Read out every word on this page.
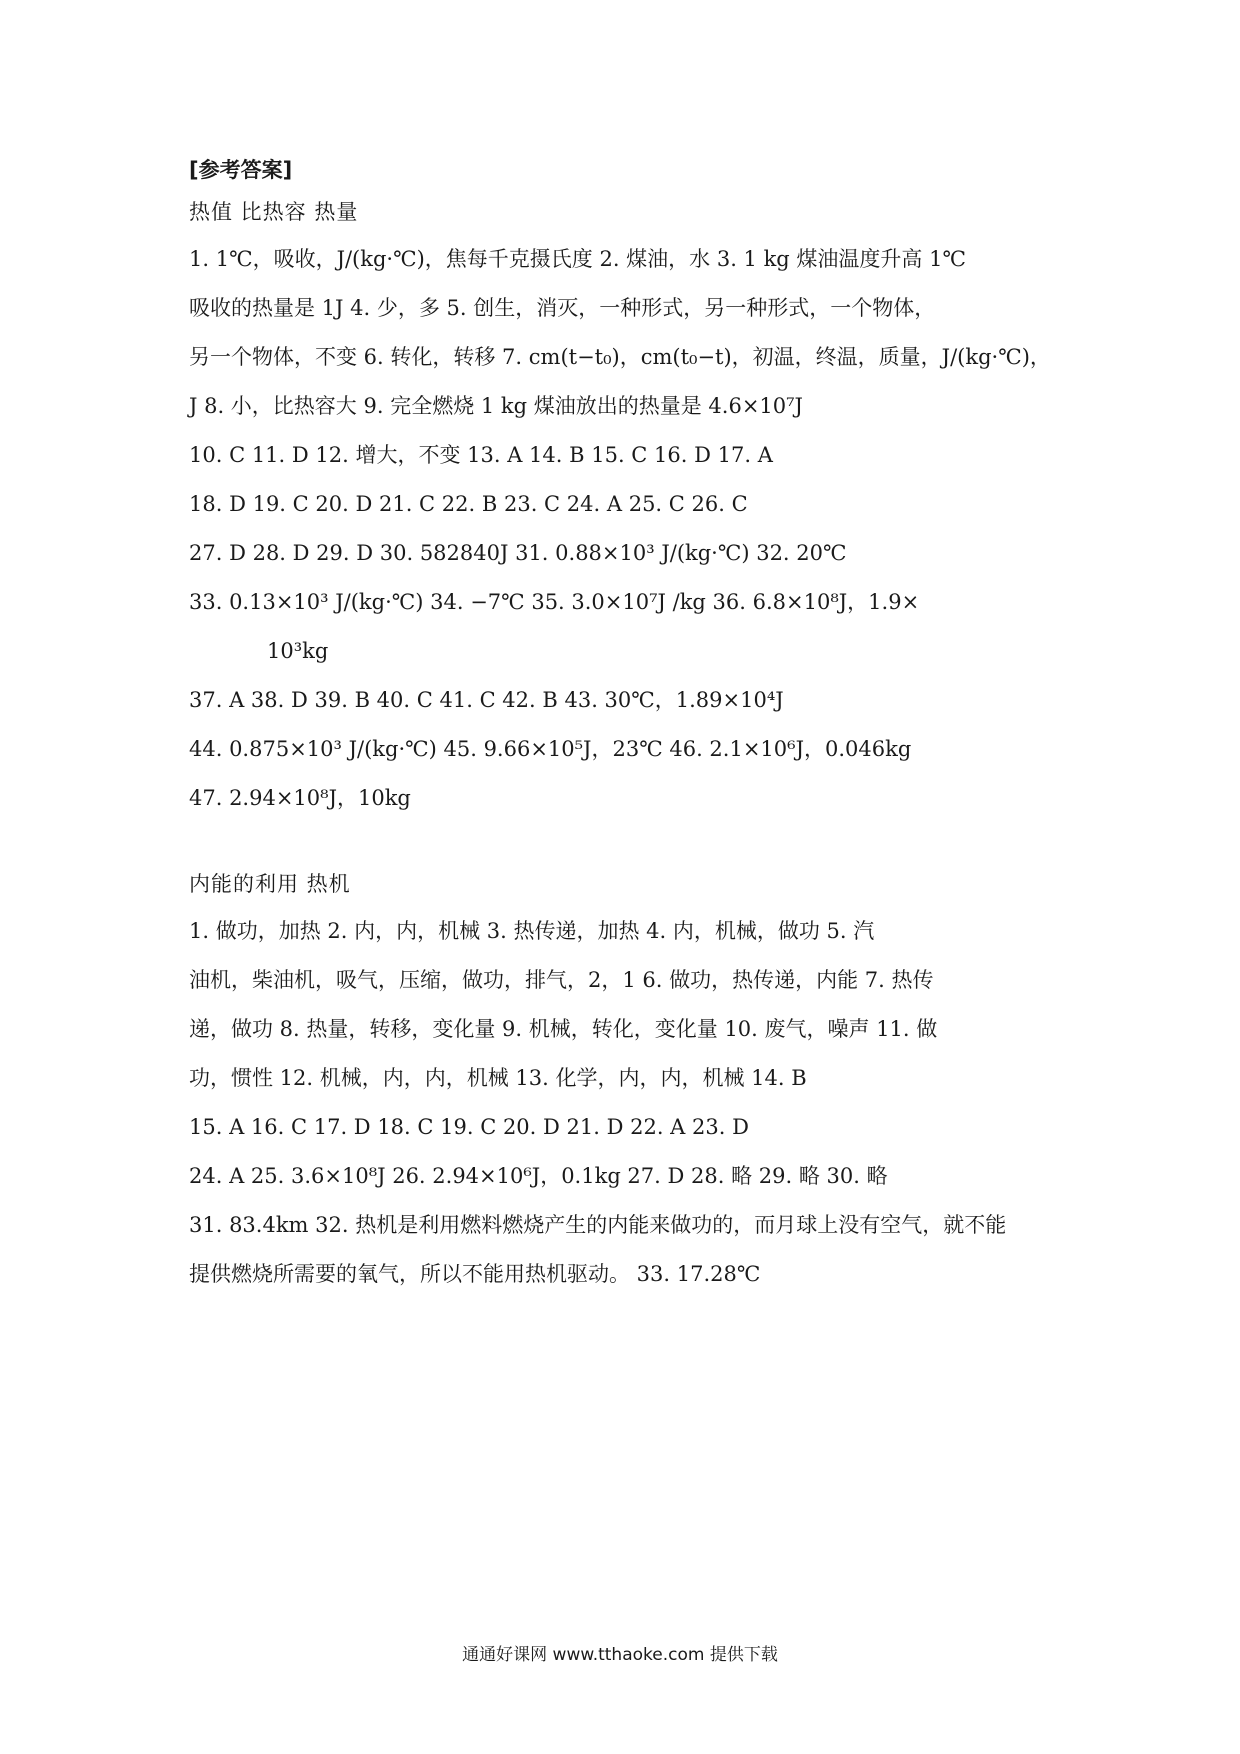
[参考答案]
热值 比热容 热量
1. 1℃，吸收，J/(kg·℃)，焦每千克摄氏度 2. 煤油，水 3. 1 kg 煤油温度升高 1℃
吸收的热量是 1J 4. 少，多 5. 创生，消灭，一种形式，另一种形式，一个物体，
另一个物体，不变 6. 转化，转移 7. cm(t−t₀)，cm(t₀−t)，初温，终温，质量，J/(kg·℃)，
J 8. 小，比热容大 9. 完全燃烧 1 kg 煤油放出的热量是 4.6×10⁷J
10. C 11. D 12. 增大，不变 13. A 14. B 15. C 16. D 17. A
18. D 19. C 20. D 21. C 22. B 23. C 24. A 25. C 26. C
27. D 28. D 29. D 30. 582840J 31. 0.88×10³ J/(kg·℃) 32. 20℃
33. 0.13×10³ J/(kg·℃) 34. −7℃ 35. 3.0×10⁷J /kg 36. 6.8×10⁸J，1.9×
10³kg
37. A 38. D 39. B 40. C 41. C 42. B 43. 30℃，1.89×10⁴J
44. 0.875×10³ J/(kg·℃) 45. 9.66×10⁵J，23℃ 46. 2.1×10⁶J，0.046kg
47. 2.94×10⁸J，10kg
内能的利用 热机
1. 做功，加热 2. 内，内，机械 3. 热传递，加热 4. 内，机械，做功 5. 汽
油机，柴油机，吸气，压缩，做功，排气，2，1 6. 做功，热传递，内能 7. 热传
递，做功 8. 热量，转移，变化量 9. 机械，转化，变化量 10. 废气，噪声 11. 做
功，惯性 12. 机械，内，内，机械 13. 化学，内，内，机械 14. B
15. A 16. C 17. D 18. C 19. C 20. D 21. D 22. A 23. D
24. A 25. 3.6×10⁸J 26. 2.94×10⁶J，0.1kg 27. D 28. 略 29. 略 30. 略
31. 83.4km 32. 热机是利用燃料燃烧产生的内能来做功的，而月球上没有空气，就不能
提供燃烧所需要的氧气，所以不能用热机驱动。 33. 17.28℃
通通好课网 www.tthaoke.com 提供下载
